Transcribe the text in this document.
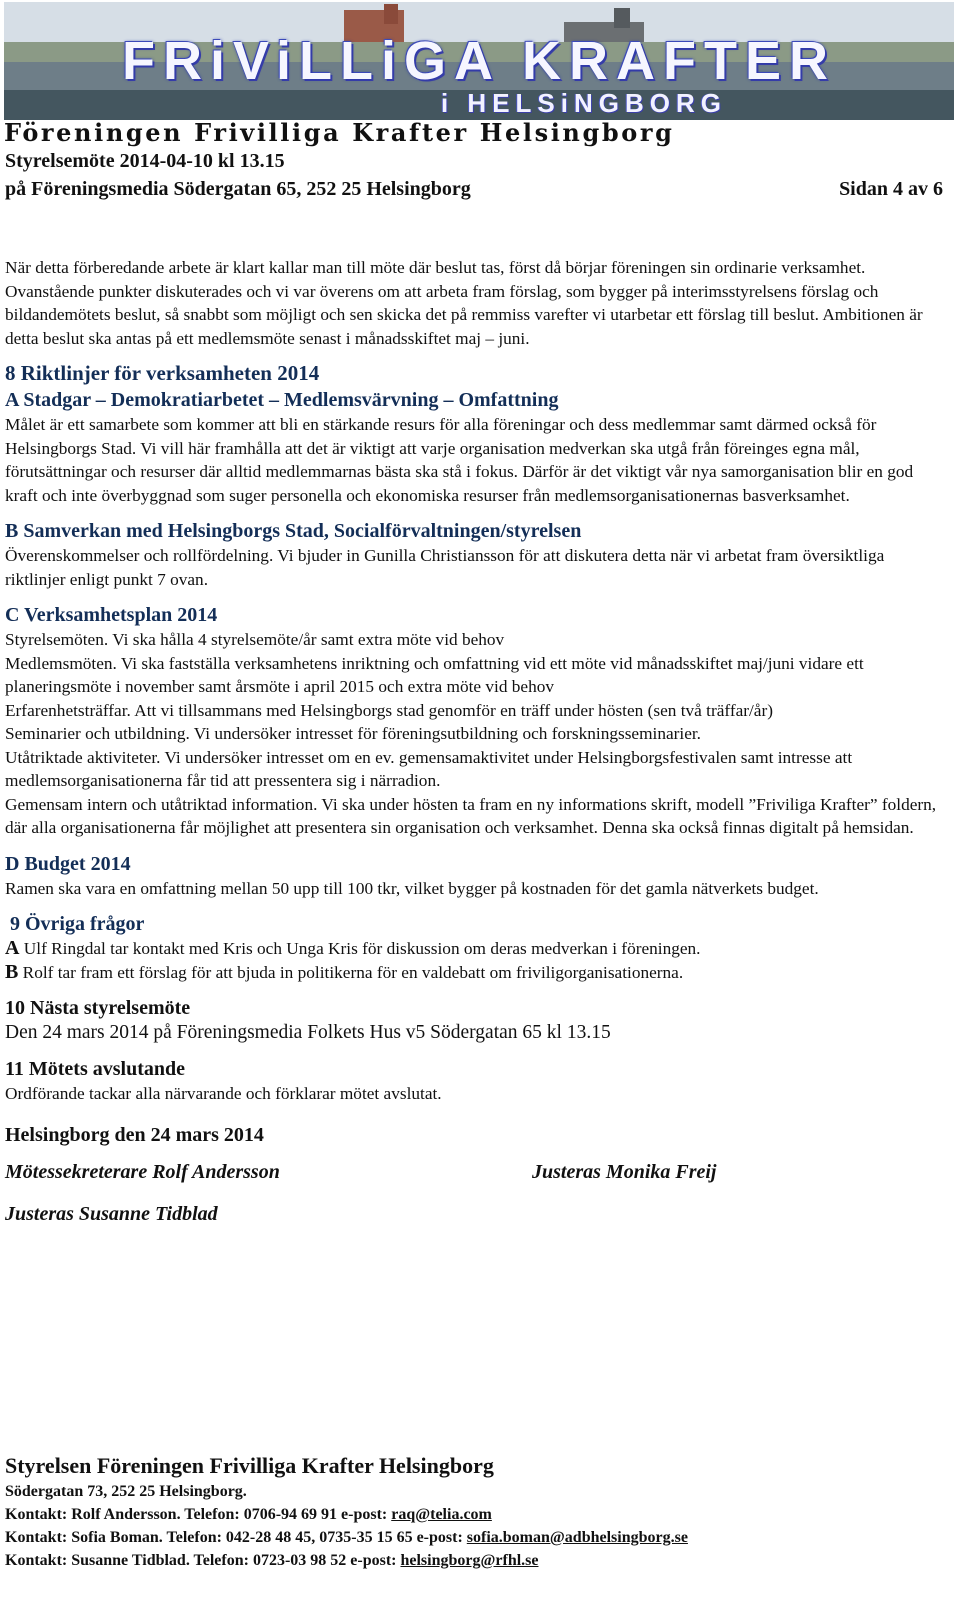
FRiViLLiGA KRAFTER
i HELSiNGBORG
Föreningen Frivilliga Krafter Helsingborg
Styrelsemöte 2014-04-10 kl 13.15
på Föreningsmedia Södergatan 65, 252 25 Helsingborg	Sidan 4 av 6

När detta förberedande arbete är klart kallar man till möte där beslut tas, först då börjar föreningen sin ordinarie verksamhet.

Ovanstående punkter diskuterades och vi var överens om att arbeta fram förslag, som bygger på interimsstyrelsens förslag och bildandemötets beslut, så snabbt som möjligt och sen skicka det på remmiss varefter vi utarbetar ett förslag till beslut. Ambitionen är detta beslut ska antas på ett medlemsmöte senast i månadsskiftet maj – juni.

8 Riktlinjer för verksamheten 2014

A Stadgar – Demokratiarbetet – Medlemsvärvning – Omfattning

Målet är ett samarbete som kommer att bli en stärkande resurs för alla föreningar och dess medlemmar samt därmed också för Helsingborgs Stad. Vi vill här framhålla att det är viktigt att varje organisation medverkan ska utgå från föreinges egna mål, förutsättningar och resurser där alltid medlemmarnas bästa ska stå i fokus. Därför är det viktigt vår nya samorganisation blir en god kraft och inte överbyggnad som suger personella och ekonomiska resurser från medlemsorganisationernas basverksamhet.

B Samverkan med Helsingborgs Stad, Socialförvaltningen/styrelsen

Överenskommelser och rollfördelning. Vi bjuder in Gunilla Christiansson för att diskutera detta när vi arbetat fram översiktliga riktlinjer enligt punkt 7 ovan.

C Verksamhetsplan 2014

Styrelsemöten. Vi ska hålla 4 styrelsemöte/år samt extra möte vid behov

Medlemsmöten. Vi ska fastställa verksamhetens inriktning och omfattning vid ett möte vid månadsskiftet maj/juni vidare ett planeringsmöte i november samt årsmöte i april 2015 och extra möte vid behov

Erfarenhetsträffar. Att vi tillsammans med Helsingborgs stad genomför en träff under hösten (sen två träffar/år)

Seminarier och utbildning. Vi undersöker intresset för föreningsutbildning och forskningsseminarier.

Utåtriktade aktiviteter. Vi undersöker intresset om en ev. gemensamaktivitet under Helsingborgsfestivalen samt intresse att medlemsorganisationerna får tid att pressentera sig i närradion.

Gemensam intern och utåtriktad information. Vi ska under hösten ta fram en ny informations skrift, modell ”Friviliga Krafter” foldern, där alla organisationerna får möjlighet att presentera sin organisation och verksamhet. Denna ska också finnas digitalt på hemsidan.

D Budget 2014

Ramen ska vara en omfattning mellan 50 upp till 100 tkr, vilket bygger på kostnaden för det gamla nätverkets budget.

9 Övriga frågor

A Ulf Ringdal tar kontakt med Kris och Unga Kris för diskussion om deras medverkan i föreningen.

B Rolf tar fram ett förslag för att bjuda in politikerna för en valdebatt om friviligorganisationerna.

10 Nästa styrelsemöte

Den 24 mars 2014 på Föreningsmedia Folkets Hus v5 Södergatan 65 kl 13.15

11 Mötets avslutande

Ordförande tackar alla närvarande och förklarar mötet avslutat.

Helsingborg den 24 mars 2014

Mötessekreterare Rolf Andersson	Justeras Monika Freij

Justeras Susanne Tidblad

Styrelsen Föreningen Frivilliga Krafter Helsingborg
Södergatan 73, 252 25 Helsingborg.
Kontakt: Rolf Andersson. Telefon: 0706-94 69 91 e-post: raq@telia.com
Kontakt: Sofia Boman. Telefon: 042-28 48 45, 0735-35 15 65 e-post: sofia.boman@adbhelsingborg.se
Kontakt: Susanne Tidblad. Telefon: 0723-03 98 52 e-post: helsingborg@rfhl.se
